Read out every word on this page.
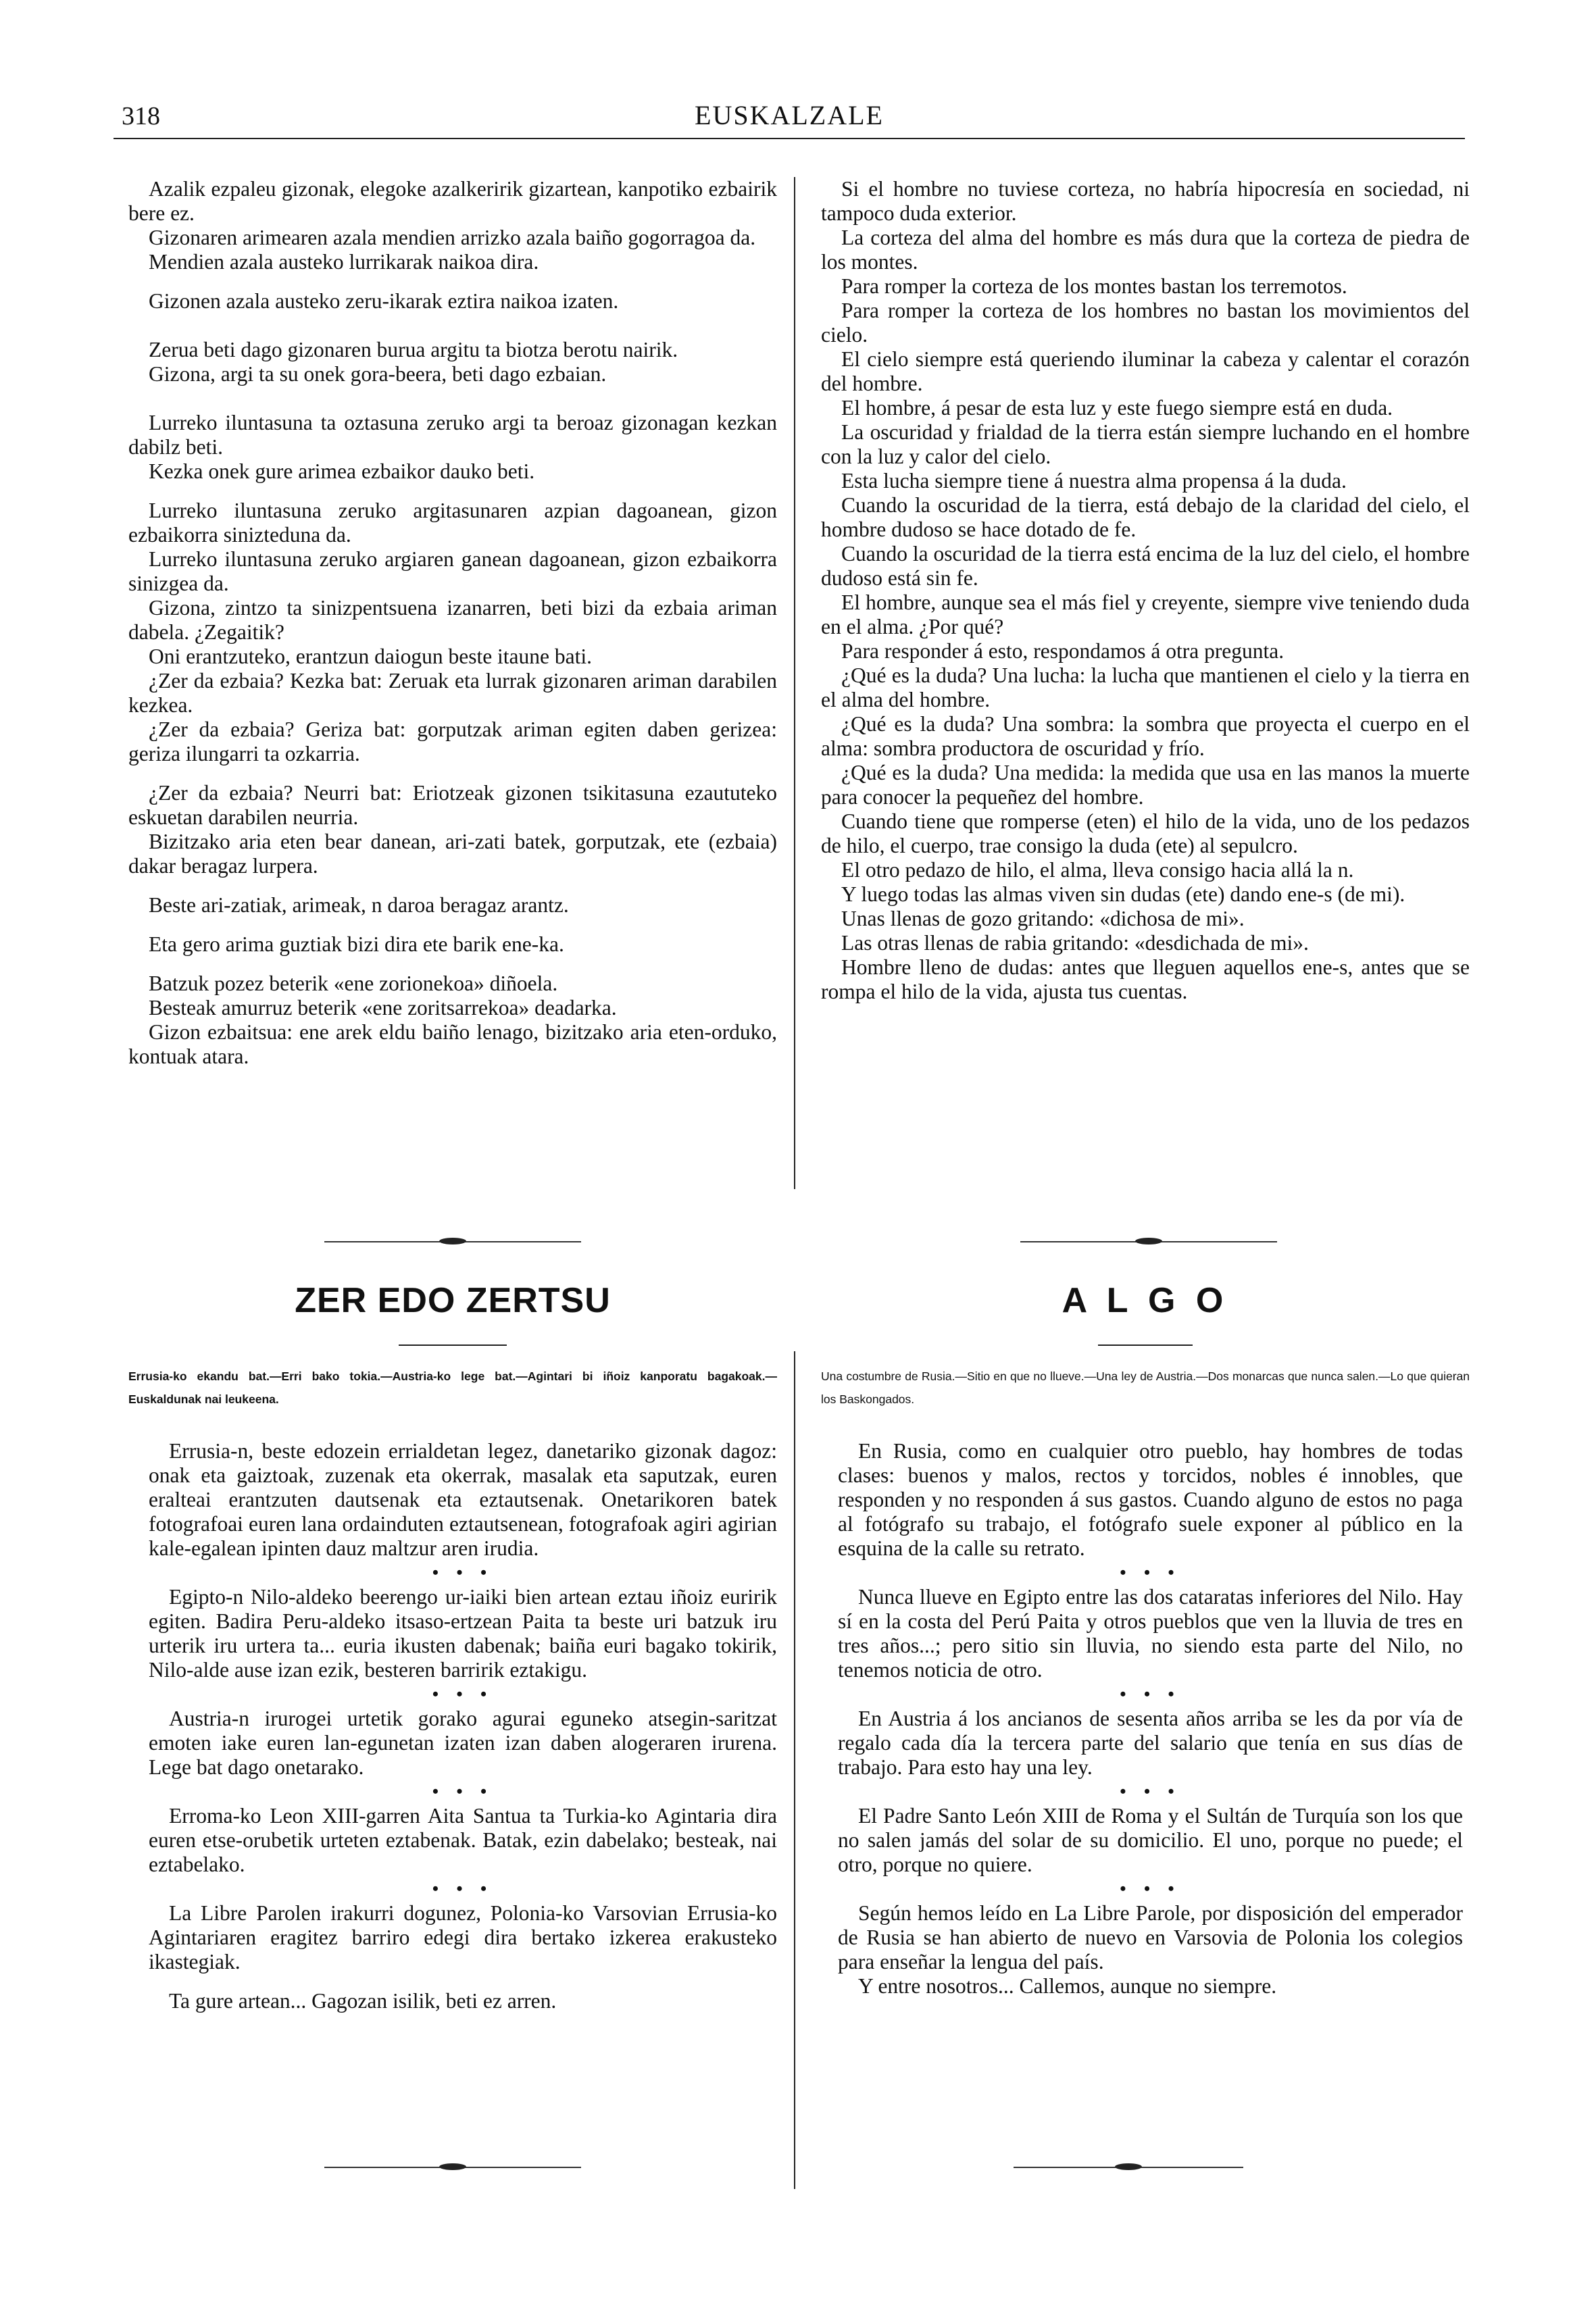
318	EUSKALZALE

Azalik ezpaleu gizonak, elegoke azalkeririk gizartean, kanpotiko ezbairik bere ez.

Gizonaren arimearen azala mendien arrizko azala baiño gogorragoa da.

Mendien azala austeko lurrikarak naikoa dira.

Gizonen azala austeko zeru-ikarak eztira naikoa izaten.

Zerua beti dago gizonaren burua argitu ta biotza berotu nairik.

Gizona, argi ta su onek gora-beera, beti dago ezbaian.

Lurreko iluntasuna ta oztasuna zeruko argi ta beroaz gizonagan kezkan dabilz beti.

Kezka onek gure arimea ezbaikor dauko beti.

Lurreko iluntasuna zeruko argitasunaren azpian dagoanean, gizon ezbaikorra sinizteduna da.

Lurreko iluntasuna zeruko argiaren ganean dagoanean, gizon ezbaikorra sinizgea da.

Gizona, zintzo ta sinizpentsuena izanarren, beti bizi da ezbaia ariman dabela. ¿Zegaitik?

Oni erantzuteko, erantzun daiogun beste itaune bati.

¿Zer da ezbaia? Kezka bat: Zeruak eta lurrak gizonaren ariman darabilen kezkea.

¿Zer da ezbaia? Geriza bat: gorputzak ariman egiten daben gerizea: geriza ilungarri ta ozkarria.

¿Zer da ezbaia? Neurri bat: Eriotzeak gizonen tsikitasuna ezaututeko eskuetan darabilen neurria.

Bizitzako aria eten bear danean, ari-zati batek, gorputzak, ete (ezbaia) dakar beragaz lurpera.

Beste ari-zatiak, arimeak, n daroa beragaz arantz.

Eta gero arima guztiak bizi dira ete barik ene-ka.

Batzuk pozez beterik «ene zorionekoa» diñoela.

Besteak amurruz beterik «ene zoritsarrekoa» deadarka.

Gizon ezbaitsua: ene arek eldu baiño lenago, bizitzako aria eten-orduko, kontuak atara.

Si el hombre no tuviese corteza, no habría hipocresía en sociedad, ni tampoco duda exterior.

La corteza del alma del hombre es más dura que la corteza de piedra de los montes.

Para romper la corteza de los montes bastan los terremotos.

Para romper la corteza de los hombres no bastan los movimientos del cielo.

El cielo siempre está queriendo iluminar la cabeza y calentar el corazón del hombre.

El hombre, á pesar de esta luz y este fuego siempre está en duda.

La oscuridad y frialdad de la tierra están siempre luchando en el hombre con la luz y calor del cielo.

Esta lucha siempre tiene á nuestra alma propensa á la duda.

Cuando la oscuridad de la tierra, está debajo de la claridad del cielo, el hombre dudoso se hace dotado de fe.

Cuando la oscuridad de la tierra está encima de la luz del cielo, el hombre dudoso está sin fe.

El hombre, aunque sea el más fiel y creyente, siempre vive teniendo duda en el alma. ¿Por qué?

Para responder á esto, respondamos á otra pregunta.

¿Qué es la duda? Una lucha: la lucha que mantienen el cielo y la tierra en el alma del hombre.

¿Qué es la duda? Una sombra: la sombra que proyecta el cuerpo en el alma: sombra productora de oscuridad y frío.

¿Qué es la duda? Una medida: la medida que usa en las manos la muerte para conocer la pequeñez del hombre.

Cuando tiene que romperse (eten) el hilo de la vida, uno de los pedazos de hilo, el cuerpo, trae consigo la duda (ete) al sepulcro.

El otro pedazo de hilo, el alma, lleva consigo hacia allá la n.

Y luego todas las almas viven sin dudas (ete) dando ene-s (de mi).

Unas llenas de gozo gritando: «dichosa de mi».

Las otras llenas de rabia gritando: «desdichada de mi».

Hombre lleno de dudas: antes que lleguen aquellos ene-s, antes que se rompa el hilo de la vida, ajusta tus cuentas.

ZER EDO ZERTSU
Errusia-ko ekandu bat.—Erri bako tokia.—Austria-ko lege bat.—Agintari bi iñoiz kanporatu bagakoak.—Euskaldunak nai leukeena.

Errusia-n, beste edozein errialdetan legez, danetariko gizonak dagoz: onak eta gaiztoak, zuzenak eta okerrak, masalak eta saputzak, euren eralteai erantzuten dautsenak eta eztautsenak. Onetarikoren batek fotografoai euren lana ordainduten eztautsenean, fotografoak agiri agirian kale-egalean ipinten dauz maltzur aren irudia.

• • •

Egipto-n Nilo-aldeko beerengo ur-iaiki bien artean eztau iñoiz euririk egiten. Badira Peru-aldeko itsaso-ertzean Paita ta beste uri batzuk iru urterik iru urtera ta... euria ikusten dabenak; baiña euri bagako tokirik, Nilo-alde ause izan ezik, besteren barririk eztakigu.

• • •

Austria-n irurogei urtetik gorako agurai eguneko atsegin-saritzat emoten iake euren lan-egunetan izaten izan daben alogeraren irurena. Lege bat dago onetarako.

• • •

Erroma-ko Leon XIII-garren Aita Santua ta Turkia-ko Agintaria dira euren etse-orubetik urteten eztabenak. Batak, ezin dabelako; besteak, nai eztabelako.

• • •

La Libre Parolen irakurri dogunez, Polonia-ko Varsovian Errusia-ko Agintariaren eragitez barriro edegi dira bertako izkerea erakusteko ikastegiak.

Ta gure artean... Gagozan isilik, beti ez arren.

A L G O
Una costumbre de Rusia.—Sitio en que no llueve.—Una ley de Austria.—Dos monarcas que nunca salen.—Lo que quieran los Baskongados.

En Rusia, como en cualquier otro pueblo, hay hombres de todas clases: buenos y malos, rectos y torcidos, nobles é innobles, que responden y no responden á sus gastos. Cuando alguno de estos no paga al fotógrafo su trabajo, el fotógrafo suele exponer al público en la esquina de la calle su retrato.

• • •

Nunca llueve en Egipto entre las dos cataratas inferiores del Nilo. Hay sí en la costa del Perú Paita y otros pueblos que ven la lluvia de tres en tres años...; pero sitio sin lluvia, no siendo esta parte del Nilo, no tenemos noticia de otro.

• • •

En Austria á los ancianos de sesenta años arriba se les da por vía de regalo cada día la tercera parte del salario que tenía en sus días de trabajo. Para esto hay una ley.

• • •

El Padre Santo León XIII de Roma y el Sultán de Turquía son los que no salen jamás del solar de su domicilio. El uno, porque no puede; el otro, porque no quiere.

• • •

Según hemos leído en La Libre Parole, por disposición del emperador de Rusia se han abierto de nuevo en Varsovia de Polonia los colegios para enseñar la lengua del país.

Y entre nosotros... Callemos, aunque no siempre.
